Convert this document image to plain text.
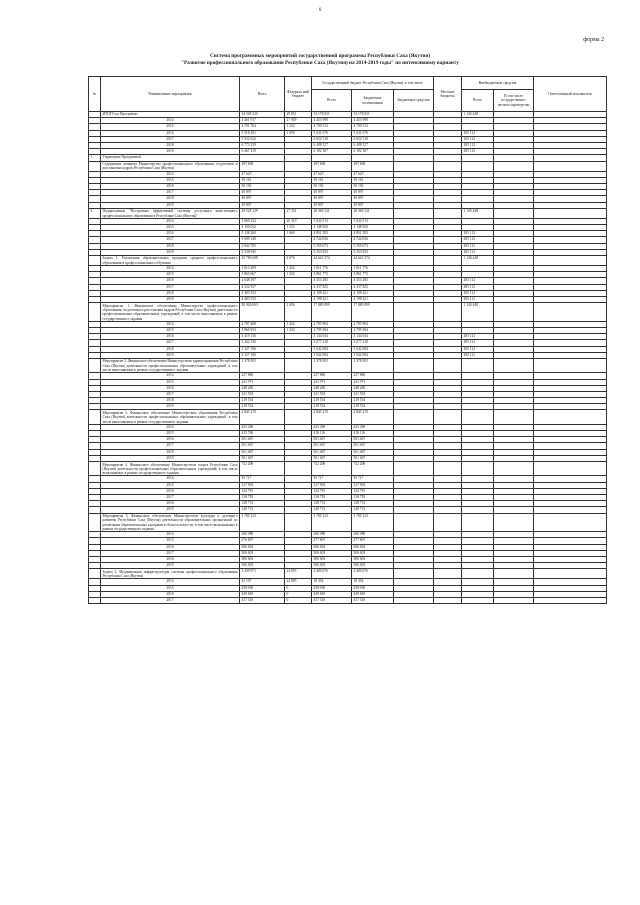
6
форма 2
Система программных мероприятий государственной программы Республики Саха (Якутия)
"Развитие профессионального образования Республики Саха (Якутия) на 2014-2019 годы" по интенсивному варианту
№	Наименование мероприятия	Всего	Федераль ный бюджет	Государственный бюджет Республики Саха (Якутия), в том числе			Местные бюджеты	Внебюджетные средства		Ответственный исполнитель
				Всего	Бюджетные ассигнования	Бюджетные средства		Всего	В том числе государственно-частное партнерство	
	ИТОГО по Программе:	34 348 320	29 851	33 178 831	33 178 831			1 140 448		
	2014	4 461 917	27 909	4 433 998	4 433 998					
	2015	4 791 764	1 252	4 790 512	4 790 512					
	2016	5 918 201	1 690	5 631 676	5 631 676			285 112		
	2017	5 932 622		5 652 510	5 652 510			285 112		
	2018	6 773 239		6 488 127	6 488 127			285 112		
	2019	6 467 419		6 182 307	6 182 307			285 112		
1	Управление Программой									
	Содержание аппарата Министерства профессионального образования, подготовки и расстановки кадров Республики Саха (Якутия)	297 669		297 669	297 669					
	2014	47 625		47 625	47 625					
	2015	50 161		50 161	50 161					
	2016	50 192		50 192	50 192					
	2017	49 897		49 897	49 897					
	2018	49 897		49 897	49 897					
	2019	49 897		49 897	49 897					
2	Подпрограмма "Построение эффективной системы доступного качественного профессионального образования в Республике Саха (Якутия)"	29 528 129	27 331	28 360 121	28 360 121			1 140 448		
	2014	3 869 232	26 319	3 842 913	3 842 913					
	2015	4 150 032	1 252	4 148 820	4 148 820					
	2016	5 138 260	1 660	4 851 583	4 851 583			285 112		
	2017	5 009 148		4 724 036	4 724 036			285 112		
	2018	5 844 785		5 559 673	5 559 673			285 112		
	2019	5 538 945		5 253 833	5 253 833			285 112		
	Задача 1. Реализация образовательных программ среднего профессионального образования и профессионального обучения	25 786 698	2 676	24 641 574	24 641 574			1 140 448		
	2014	3 813 209	1 424	3 811 776	3 811 776					
	2015	3 863 667	1 252	3 861 775	3 861 775					
	2016	4 648 397		4 353 285	4 353 285			285 112		
	2017	4 522 937		4 237 825	4 237 825			285 112		
	2018	4 483 533		4 198 421	4 198 421			285 112		
	2019	4 483 533		4 198 421	4 198 421			285 112		
	Мероприятие 1. Финансовое обеспечение Министерства профессионального образования, подготовки и расстановки кадров Республики Саха (Якутия) деятельности профессиональных образовательных учреждений, в том числе выполняемых в рамках государственного задания	20 926 063	2 656	17 880 899	17 880 899			1 140 448		
	2014	2 787 408	1 424	2 785 984	2 785 984					
	2015	2 866 933	1 232	2 799 384	2 799 384					
	2016	3 419 156		3 134 044	3 134 044			285 112		
	2017	3 362 530		3 077 418	3 077 418			285 112		
	2018	3 327 196		3 042 084	3 042 084			285 112		
	2019	3 327 196		3 042 084	3 042 084			285 112		
	Мероприятие 2. Финансовое обеспечение Министерством здравоохранения Республики Саха (Якутия) деятельности профессиональных образовательных учреждений, в том числе выполняемых в рамках государственного задания	1 378 003		1 378 003	1 378 003					
	2014	227 880		227 880	227 880					
	2015	241 971		241 971	241 971					
	2016	248 260		248 260	248 260					
	2017	221 554		221 554	221 554					
	2018	219 554		219 554	219 554					
	2019	219 554		219 554	219 554					
	Мероприятие 3. Финансовое обеспечение Министерством образования Республики Саха (Якутия) деятельности профессиональных образовательных учреждений, в том числе выполняемых в рамках государственного задания	2 845 270		2 845 270	2 845 270					
	2014	423 286		423 286	423 286					
	2015	415 760		416 116	416 116					
	2016	501 467		501 467	501 467					
	2017	501 467		501 467	501 467					
	2018	501 467		501 467	501 467					
	2019	501 467		501 467	501 467					
	Мероприятие 4. Финансовое обеспечение Министерством спорта Республики Саха (Якутия) деятельности профессиональных образовательных учреждений, в том числе выполняемых в рамках государственного задания	752 209		752 209	752 209					
	2014	93 717		93 717	93 717					
	2015	127 902		127 902	127 902					
	2016	142 781		142 781	142 781					
	2017	130 783		130 783	130 783					
	2018	128 713		128 713	128 713					
	2019	128 713		128 713	128 713					
	Мероприятие 5. Финансовое обеспечение Министерством культуры и духовного развития Республики Саха (Якутия) деятельности образовательных организаций по реализации образовательных программ в области искусств, в том числе выполняемых в рамках государственного задания	1 785 123		1 785 123	1 785 123					
	2014	280 989		280 989	280 989					
	2015	276 697		277 807	277 807					
	2016	306 603		306 603	306 603					
	2017	306 603		306 603	306 603					
	2018	306 603		306 603	306 603					
	2019	306 603		306 603	306 603					
	Задача 2. Модернизация инфраструктуры системы профессионального образования Республики Саха (Якутия)	3 430 971	24 855	3 406 076	3 406 076					
	2014	43 197	24 895	18 302	18 302					
	2015	259 939	0	259 939	259 939					
	2016	429 665	0	429 665	429 665					
	2017	417 316	0	417 316	417 316					
